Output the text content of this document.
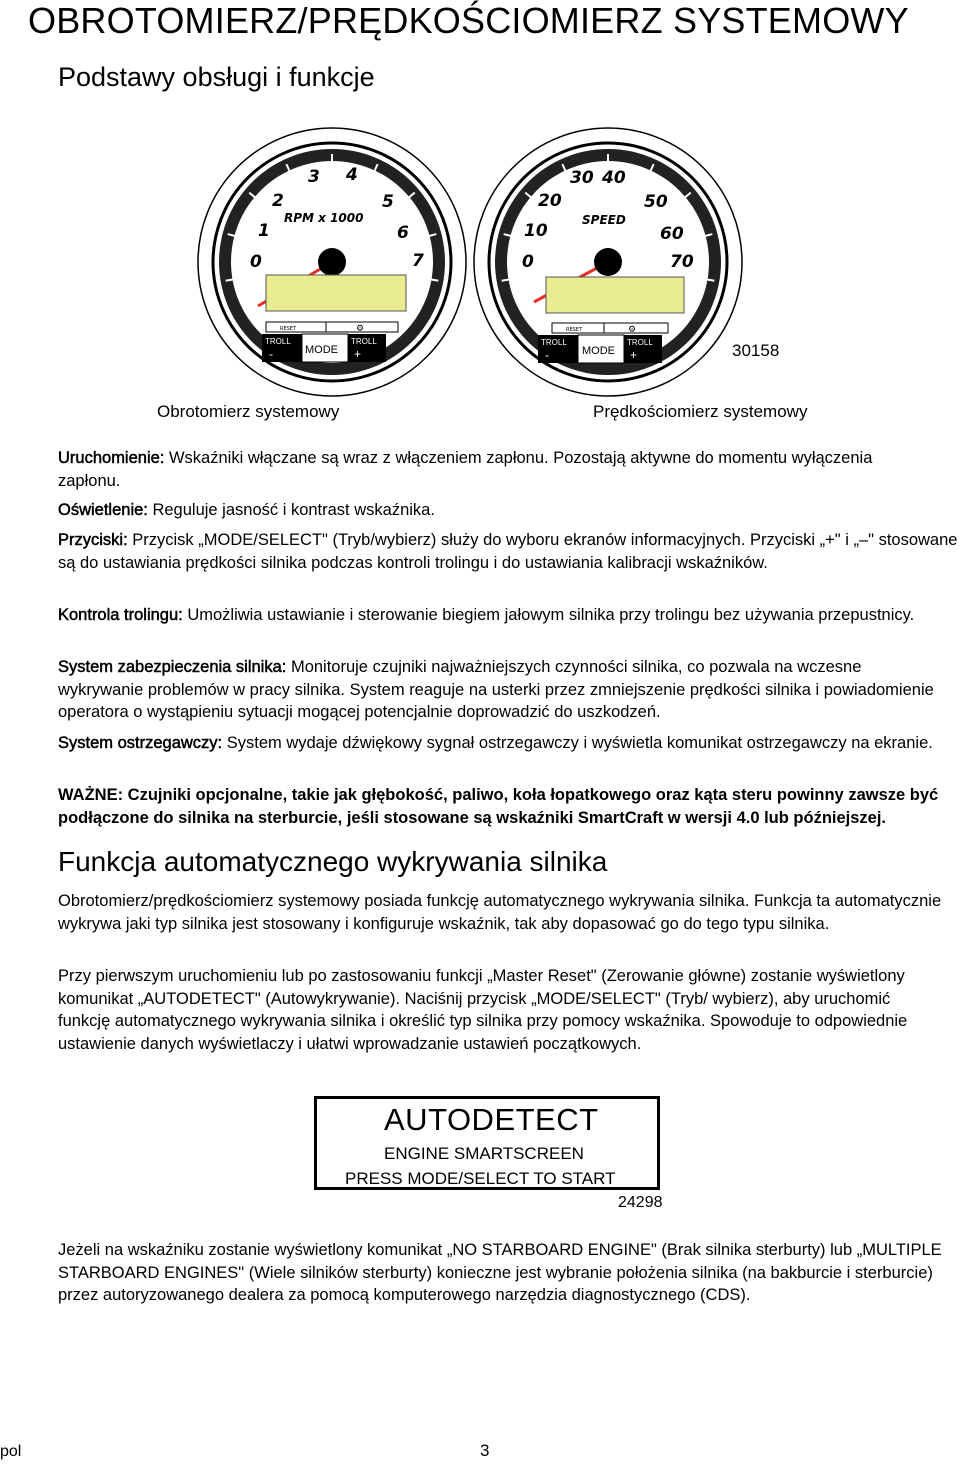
OBROTOMIERZ/PRĘDKOŚCIOMIERZ SYSTEMOWY
Podstawy obsługi i funkcje
0
1
2
3 4
5
6
7
RPM x 1000
RESET	⚙
TROLL
-	MODE
TROLL
+
0
10
20
30 40
50
60
70
SPEED
RESET	⚙
TROLL
-	MODE
TROLL
+	30158
Obrotomierz systemowy	Prędkościomierz systemowy
Uruchomienie: Wskaźniki włączane są wraz z włączeniem zapłonu. Pozostają aktywne do momentu wyłączenia zapłonu.
Oświetlenie: Reguluje jasność i kontrast wskaźnika.
Przyciski: Przycisk „MODE/SELECT" (Tryb/wybierz) służy do wyboru ekranów informacyjnych. Przyciski „+" i „–" stosowane są do ustawiania prędkości silnika podczas kontroli trolingu i do ustawiania kalibracji wskaźników.
Kontrola trolingu: Umożliwia ustawianie i sterowanie biegiem jałowym silnika przy trolingu bez używania przepustnicy.
System zabezpieczenia silnika: Monitoruje czujniki najważniejszych czynności silnika, co pozwala na wczesne wykrywanie problemów w pracy silnika. System reaguje na usterki przez zmniejszenie prędkości silnika i powiadomienie operatora o wystąpieniu sytuacji mogącej potencjalnie doprowadzić do uszkodzeń.
System ostrzegawczy: System wydaje dźwiękowy sygnał ostrzegawczy i wyświetla komunikat ostrzegawczy na ekranie.
WAŻNE: Czujniki opcjonalne, takie jak głębokość, paliwo, koła łopatkowego oraz kąta steru powinny zawsze być podłączone do silnika na sterburcie, jeśli stosowane są wskaźniki SmartCraft w wersji 4.0 lub późniejszej.
Funkcja automatycznego wykrywania silnika
Obrotomierz/prędkościomierz systemowy posiada funkcję automatycznego wykrywania silnika. Funkcja ta automatycznie wykrywa jaki typ silnika jest stosowany i konfiguruje wskaźnik, tak aby dopasować go do tego typu silnika.
Przy pierwszym uruchomieniu lub po zastosowaniu funkcji „Master Reset" (Zerowanie główne) zostanie wyświetlony komunikat „AUTODETECT" (Autowykrywanie). Naciśnij przycisk „MODE/SELECT" (Tryb/ wybierz), aby uruchomić funkcję automatycznego wykrywania silnika i określić typ silnika przy pomocy wskaźnika. Spowoduje to odpowiednie ustawienie danych wyświetlaczy i ułatwi wprowadzanie ustawień początkowych.
AUTODETECT
ENGINE SMARTSCREEN
PRESS MODE/SELECT TO START
24298
Jeżeli na wskaźniku zostanie wyświetlony komunikat „NO STARBOARD ENGINE" (Brak silnika sterburty) lub „MULTIPLE STARBOARD ENGINES" (Wiele silników sterburty) konieczne jest wybranie położenia silnika (na bakburcie i sterburcie) przez autoryzowanego dealera za pomocą komputerowego narzędzia diagnostycznego (CDS).
pol	3
